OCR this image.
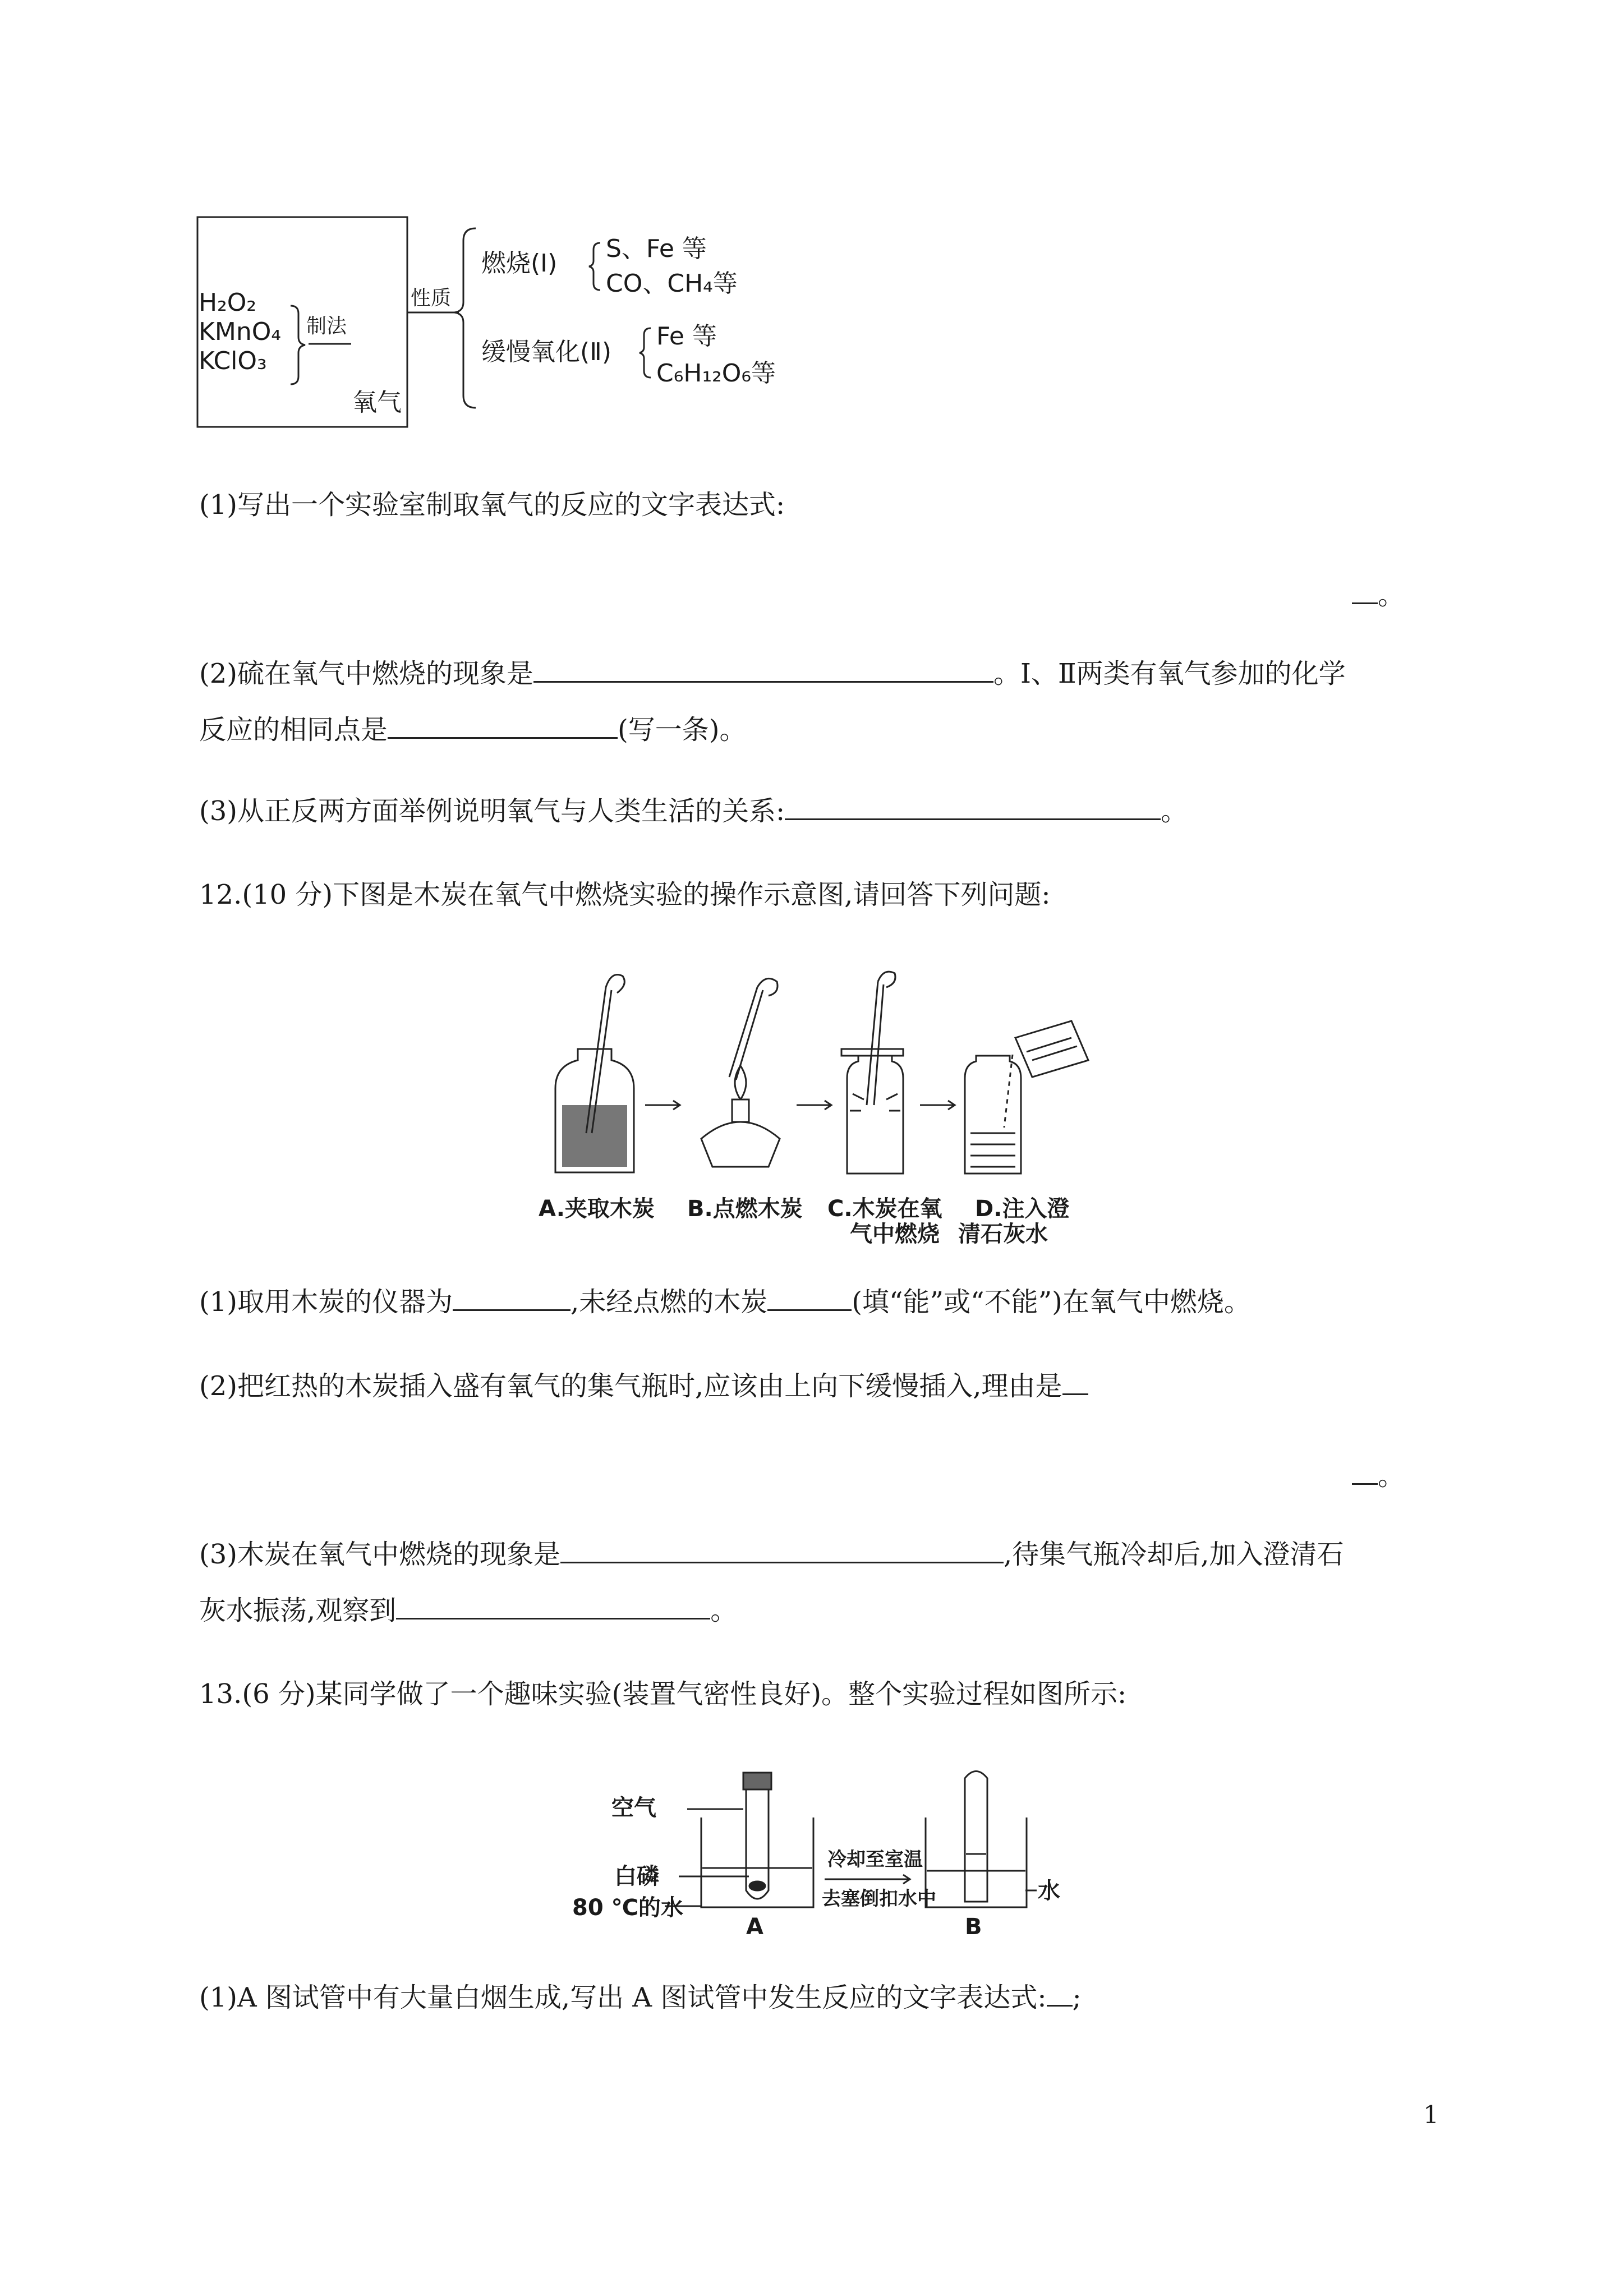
H₂O₂
KMnO₄
KClO₃
制法
氧气
性质
燃烧(Ⅰ)
S、Fe 等
CO、CH₄等
缓慢氧化(Ⅱ)
Fe 等
C₆H₁₂O₆等
(1)写出一个实验室制取氧气的反应的文字表达式:
。
(2)硫在氧气中燃烧的现象是	。Ⅰ、Ⅱ两类有氧气参加的化学
反应的相同点是	(写一条)。
(3)从正反两方面举例说明氧气与人类生活的关系:	。
12.(10 分)下图是木炭在氧气中燃烧实验的操作示意图,请回答下列问题:
A.夹取木炭 B.点燃木炭 C.木炭在氧
气中燃烧
D.注入澄
清石灰水
(1)取用木炭的仪器为	,未经点燃的木炭	(填“能”或“不能”)在氧气中燃烧。
(2)把红热的木炭插入盛有氧气的集气瓶时,应该由上向下缓慢插入,理由是
。
(3)木炭在氧气中燃烧的现象是	,待集气瓶冷却后,加入澄清石
灰水振荡,观察到	。
13.(6 分)某同学做了一个趣味实验(装置气密性良好)。整个实验过程如图所示:
空气
白磷
80 ℃的水
A
冷却至室温
去塞倒扣水中	水
B
(1)A 图试管中有大量白烟生成,写出 A 图试管中发生反应的文字表达式: ;
1
